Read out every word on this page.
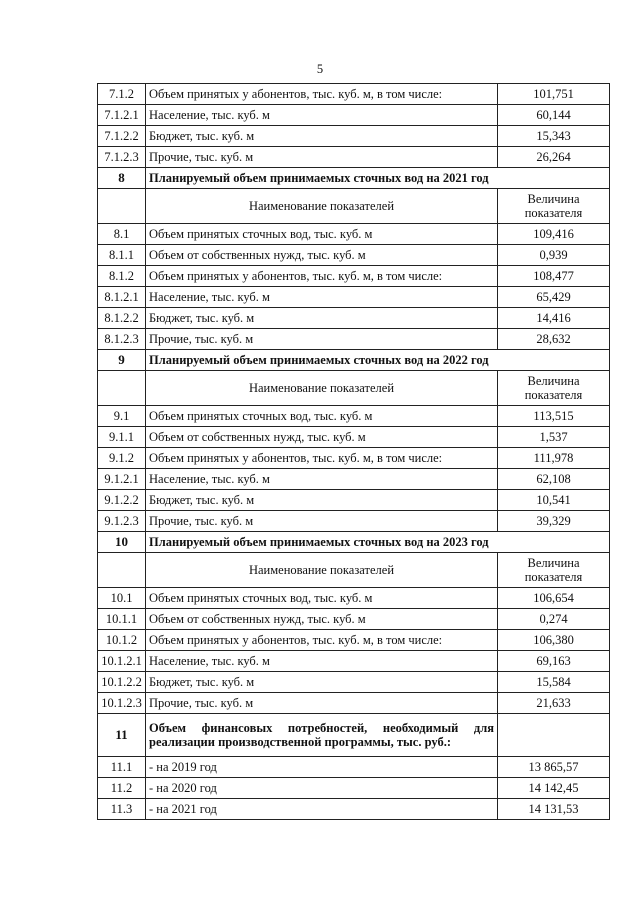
5
7.1.2	Объем принятых у абонентов, тыс. куб. м, в том числе:	101,751
7.1.2.1	Население, тыс. куб. м	60,144
7.1.2.2	Бюджет, тыс. куб. м	15,343
7.1.2.3	Прочие, тыс. куб. м	26,264
8	Планируемый объем принимаемых сточных вод на 2021 год	
	Наименование показателей	Величина показателя
8.1	Объем принятых сточных вод, тыс. куб. м	109,416
8.1.1	Объем от собственных нужд, тыс. куб. м	0,939
8.1.2	Объем принятых у абонентов, тыс. куб. м, в том числе:	108,477
8.1.2.1	Население, тыс. куб. м	65,429
8.1.2.2	Бюджет, тыс. куб. м	14,416
8.1.2.3	Прочие, тыс. куб. м	28,632
9	Планируемый объем принимаемых сточных вод на 2022 год	
	Наименование показателей	Величина показателя
9.1	Объем принятых сточных вод, тыс. куб. м	113,515
9.1.1	Объем от собственных нужд, тыс. куб. м	1,537
9.1.2	Объем принятых у абонентов, тыс. куб. м, в том числе:	111,978
9.1.2.1	Население, тыс. куб. м	62,108
9.1.2.2	Бюджет, тыс. куб. м	10,541
9.1.2.3	Прочие, тыс. куб. м	39,329
10	Планируемый объем принимаемых сточных вод на 2023 год	
	Наименование показателей	Величина показателя
10.1	Объем принятых сточных вод, тыс. куб. м	106,654
10.1.1	Объем от собственных нужд, тыс. куб. м	0,274
10.1.2	Объем принятых у абонентов, тыс. куб. м, в том числе:	106,380
10.1.2.1	Население, тыс. куб. м	69,163
10.1.2.2	Бюджет, тыс. куб. м	15,584
10.1.2.3	Прочие, тыс. куб. м	21,633
11	Объем финансовых потребностей, необходимый для реализации производственной программы, тыс. руб.:	
11.1	- на 2019 год	13 865,57
11.2	- на 2020 год	14 142,45
11.3	- на 2021 год	14 131,53
